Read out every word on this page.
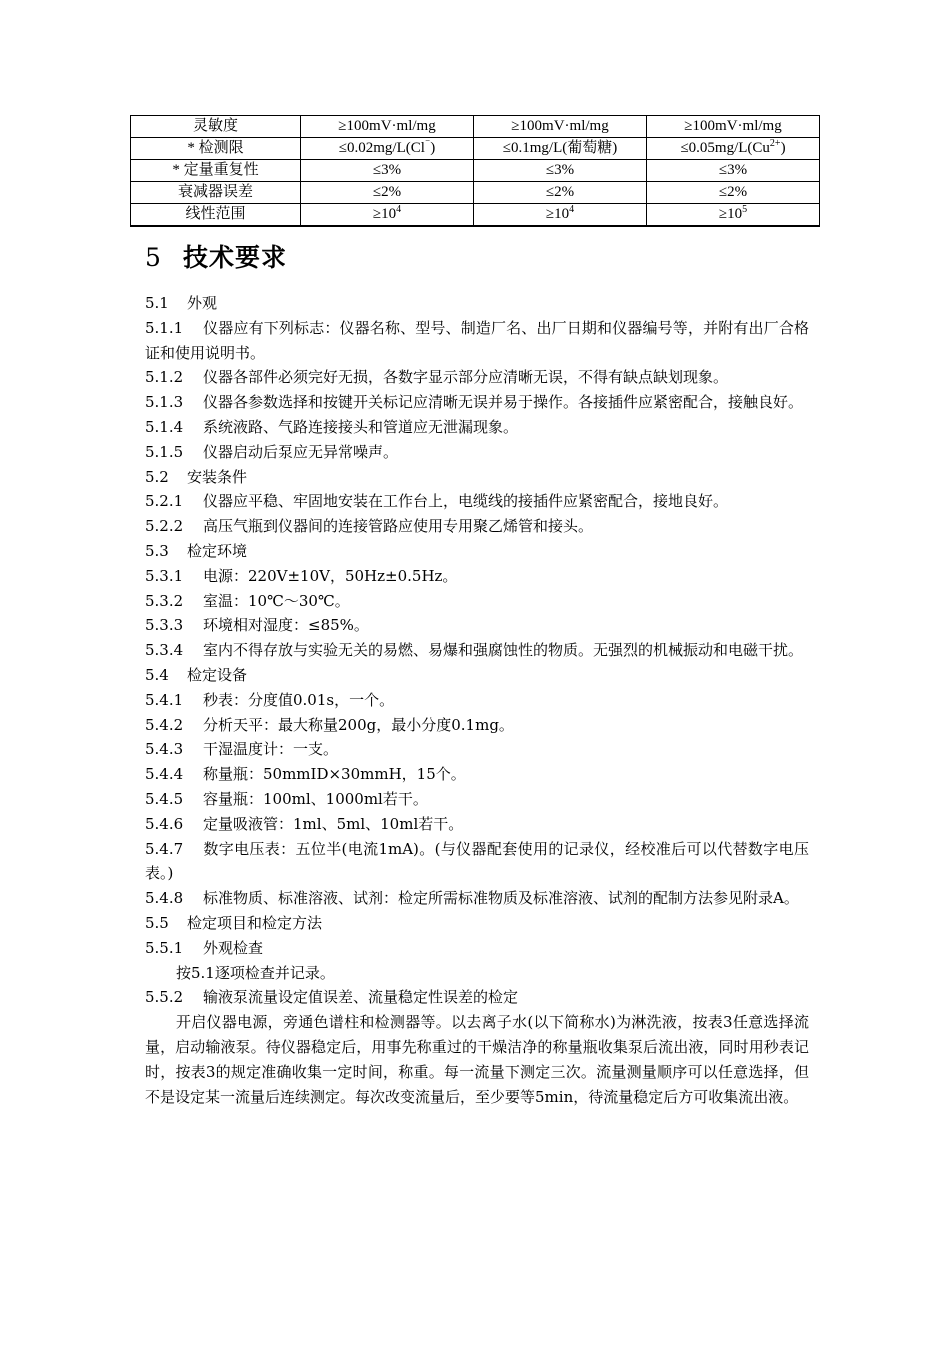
灵敏度	≥100mV·ml/mg	≥100mV·ml/mg	≥100mV·ml/mg
* 检测限	≤0.02mg/L(Cl⁻)	≤0.1mg/L(葡萄糖)	$\le 0.05mg/L(Cu^{2+})$
* 定量重复性	≤3%	≤3%	≤3%
衰减器误差	≤2%	≤2%	≤2%
线性范围	$\ge 10^4$	$\ge 10^4$	$\ge 10^5$
5 技术要求

5.1 外观

5.1.1 仪器应有下列标志：仪器名称、型号、制造厂名、出厂日期和仪器编号等，并附有出厂合格证和使用说明书。

5.1.2 仪器各部件必须完好无损，各数字显示部分应清晰无误，不得有缺点缺划现象。

5.1.3 仪器各参数选择和按键开关标记应清晰无误并易于操作。各接插件应紧密配合，接触良好。

5.1.4 系统液路、气路连接接头和管道应无泄漏现象。

5.1.5 仪器启动后泵应无异常噪声。

5.2 安装条件

5.2.1 仪器应平稳、牢固地安装在工作台上，电缆线的接插件应紧密配合，接地良好。

5.2.2 高压气瓶到仪器间的连接管路应使用专用聚乙烯管和接头。

5.3 检定环境

5.3.1 电源：220V±10V，50Hz±0.5Hz。

5.3.2 室温：10℃～30℃。

5.3.3 环境相对湿度：≤85%。

5.3.4 室内不得存放与实验无关的易燃、易爆和强腐蚀性的物质。无强烈的机械振动和电磁干扰。

5.4 检定设备

5.4.1 秒表：分度值0.01s，一个。

5.4.2 分析天平：最大称量200g，最小分度0.1mg。

5.4.3 干湿温度计：一支。

5.4.4 称量瓶：50mmID×30mmH，15个。

5.4.5 容量瓶：100ml、1000ml若干。

5.4.6 定量吸液管：1ml、5ml、10ml若干。

5.4.7 数字电压表：五位半(电流1mA)。(与仪器配套使用的记录仪，经校准后可以代替数字电压表。)

5.4.8 标准物质、标准溶液、试剂：检定所需标准物质及标准溶液、试剂的配制方法参见附录A。

5.5 检定项目和检定方法

5.5.1 外观检查

按5.1逐项检查并记录。

5.5.2 输液泵流量设定值误差、流量稳定性误差的检定

开启仪器电源，旁通色谱柱和检测器等。以去离子水(以下简称水)为淋洗液，按表3任意选择流量，启动输液泵。待仪器稳定后，用事先称重过的干燥洁净的称量瓶收集泵后流出液，同时用秒表记时，按表3的规定准确收集一定时间，称重。每一流量下测定三次。流量测量顺序可以任意选择，但不是设定某一流量后连续测定。每次改变流量后，至少要等5min，待流量稳定后方可收集流出液。
